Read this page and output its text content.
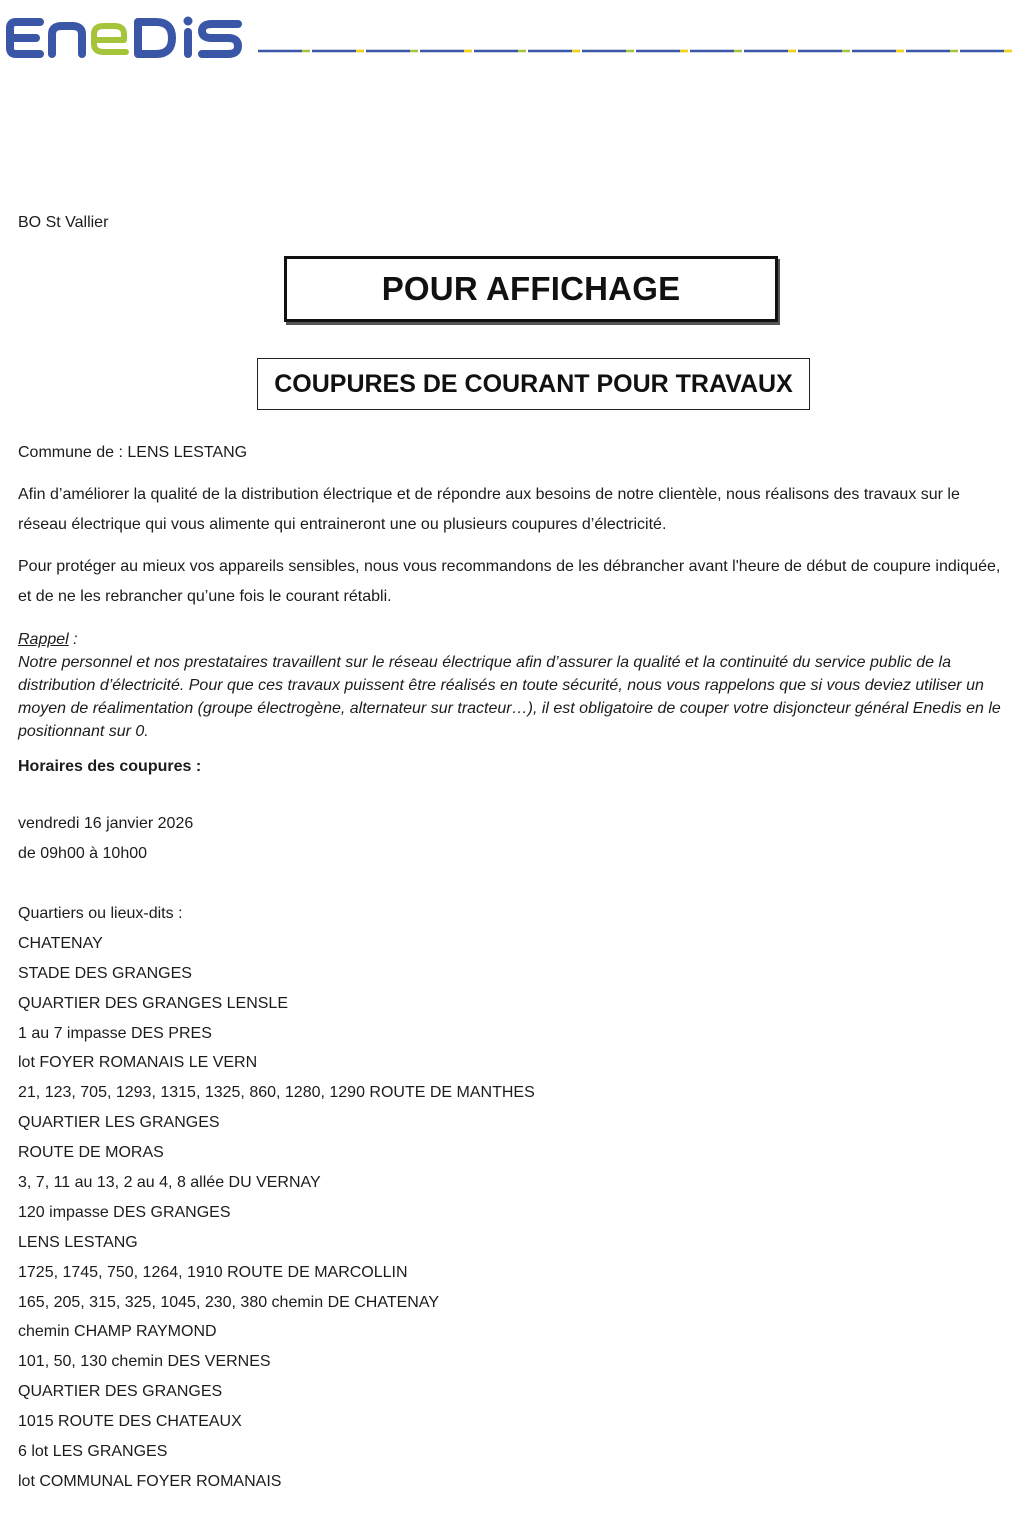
BO St Vallier
POUR AFFICHAGE
COUPURES DE COURANT POUR TRAVAUX
Commune de : LENS LESTANG
Afin d’améliorer la qualité de la distribution électrique et de répondre aux besoins de notre clientèle, nous réalisons des travaux sur le réseau électrique qui vous alimente qui entraineront une ou plusieurs coupures d’électricité.
Pour protéger au mieux vos appareils sensibles, nous vous recommandons de les débrancher avant l'heure de début de coupure indiquée, et de ne les rebrancher qu’une fois le courant rétabli.
Rappel :
Notre personnel et nos prestataires travaillent sur le réseau électrique afin d’assurer la qualité et la continuité du service public de la distribution d’électricité. Pour que ces travaux puissent être réalisés en toute sécurité, nous vous rappelons que si vous deviez utiliser un moyen de réalimentation (groupe électrogène, alternateur sur tracteur…), il est obligatoire de couper votre disjoncteur général Enedis en le positionnant sur 0.
Horaires des coupures :
vendredi 16 janvier 2026
de 09h00 à 10h00
Quartiers ou lieux-dits :
CHATENAY
STADE DES GRANGES
QUARTIER DES GRANGES LENSLE
1 au 7 impasse DES PRES
lot FOYER ROMANAIS LE VERN
21, 123, 705, 1293, 1315, 1325, 860, 1280, 1290 ROUTE DE MANTHES
QUARTIER LES GRANGES
ROUTE DE MORAS
3, 7, 11 au 13, 2 au 4, 8 allée DU VERNAY
120 impasse DES GRANGES
LENS LESTANG
1725, 1745, 750, 1264, 1910 ROUTE DE MARCOLLIN
165, 205, 315, 325, 1045, 230, 380 chemin DE CHATENAY
chemin CHAMP RAYMOND
101, 50, 130 chemin DES VERNES
QUARTIER DES GRANGES
1015 ROUTE DES CHATEAUX
6 lot LES GRANGES
lot COMMUNAL FOYER ROMANAIS
